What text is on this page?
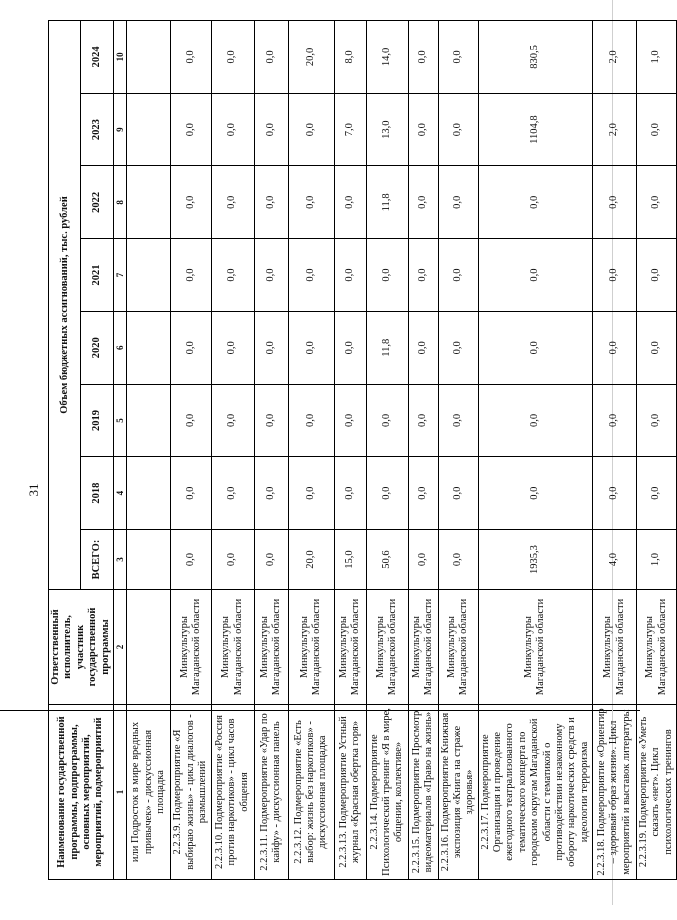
31
Наименование государственной программы, подпрограммы, основных мероприятий, мероприятий, подмероприятий	Ответственный исполнитель, участник государственной программы	Объем бюджетных ассигнований, тыс. рублей							
		ВСЕГО:	2018	2019	2020	2021	2022	2023	2024
1	2	3	4	5	6	7	8	9	10
или Подросток в мире вредных привычек» - дискуссионная площадка									
2.2.3.9. Подмероприятие «Я выбираю жизнь» - цикл диалогов - размышлений	Минкультуры Магаданской области	0,0	0,0	0,0	0,0	0,0	0,0	0,0	0,0
2.2.3.10. Подмероприятие «Россия против наркотиков» - цикл часов общения	Минкультуры Магаданской области	0,0	0,0	0,0	0,0	0,0	0,0	0,0	0,0
2.2.3.11. Подмероприятие «Удар по кайфу» - дискуссионная панель	Минкультуры Магаданской области	0,0	0,0	0,0	0,0	0,0	0,0	0,0	0,0
2.2.3.12. Подмероприятие «Есть выбор: жизнь без наркотиков» - дискуссионная площадка	Минкультуры Магаданской области	20,0	0,0	0,0	0,0	0,0	0,0	0,0	20,0
2.2.3.13. Подмероприятие Устный журнал «Красная обертка горя»	Минкультуры Магаданской области	15,0	0,0	0,0	0,0	0,0	0,0	7,0	8,0
2.2.3.14. Подмероприятие Психологический тренинг «Я в мире, общении, коллективе»	Минкультуры Магаданской области	50,6	0,0	0,0	11,8	0,0	11,8	13,0	14,0
2.2.3.15. Подмероприятие Просмотр видеоматериалов «Право на жизнь»	Минкультуры Магаданской области	0,0	0,0	0,0	0,0	0,0	0,0	0,0	0,0
2.2.3.16. Подмероприятие Книжная экспозиция «Книга на страже здоровья»	Минкультуры Магаданской области	0,0	0,0	0,0	0,0	0,0	0,0	0,0	0,0
2.2.3.17. Подмероприятие Организация и проведение ежегодного театрализованного тематического концерта по городским округам Магаданской области с тематикой о противодействии незаконному обороту наркотических средств и идеологии терроризма	Минкультуры Магаданской области	1935,3	0,0	0,0	0,0	0,0	0,0	1104,8	830,5
2.2.3.18. Подмероприятие «Ориентир – здоровый образ жизни». Цикл мероприятий и выставок литературы	Минкультуры Магаданской области	4,0	0,0	0,0	0,0	0,0	0,0	2,0	2,0
2.2.3.19. Подмероприятие «Уметь сказать «нет». Цикл психологических тренингов	Минкультуры Магаданской области	1,0	0,0	0,0	0,0	0,0	0,0	0,0	1,0
